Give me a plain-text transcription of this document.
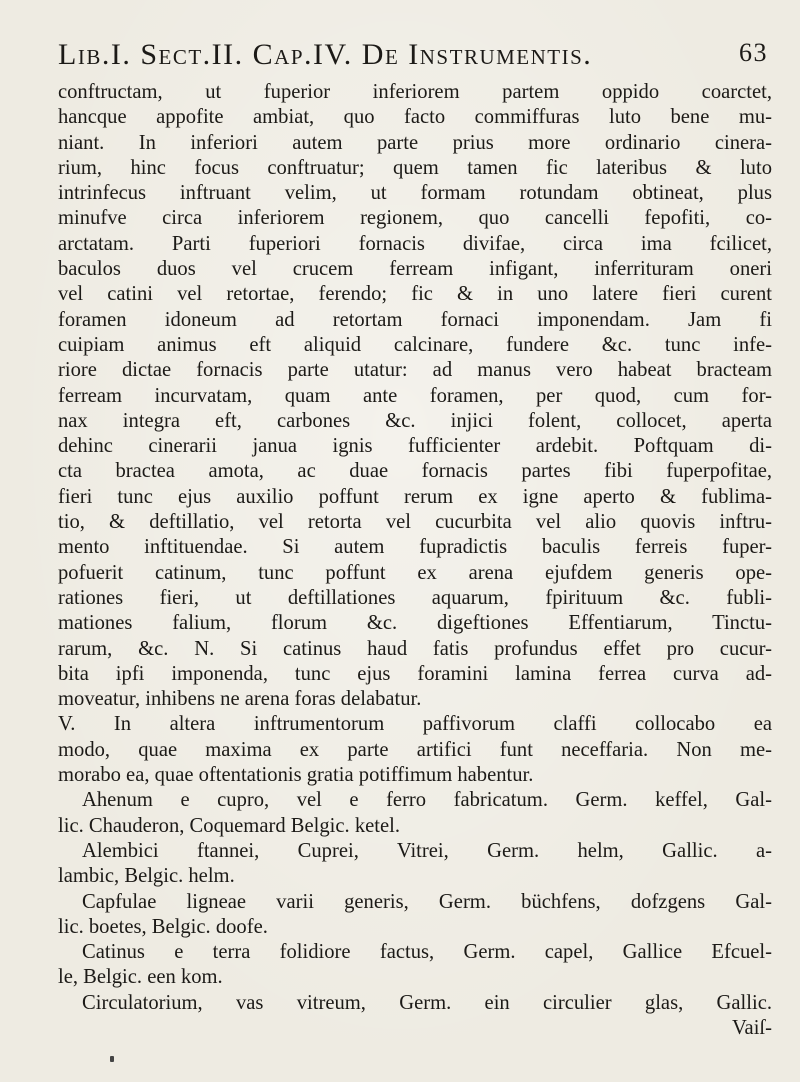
Lib.I. Sect.II. Cap.IV. De Instrumentis.	63
conftructam, ut fuperior inferiorem partem oppido coarctet,
hancque appofite ambiat, quo facto commiffuras luto bene mu-
niant. In inferiori autem parte prius more ordinario cinera-
rium, hinc focus conftruatur; quem tamen fic lateribus & luto
intrinfecus inftruant velim, ut formam rotundam obtineat, plus
minufve circa inferiorem regionem, quo cancelli fepofiti, co-
arctatam. Parti fuperiori fornacis divifae, circa ima fcilicet,
baculos duos vel crucem ferream infigant, inferrituram oneri
vel catini vel retortae, ferendo; fic & in uno latere fieri curent
foramen idoneum ad retortam fornaci imponendam. Jam fi
cuipiam animus eft aliquid calcinare, fundere &c. tunc infe-
riore dictae fornacis parte utatur: ad manus vero habeat bracteam
ferream incurvatam, quam ante foramen, per quod, cum for-
nax integra eft, carbones &c. injici folent, collocet, aperta
dehinc cinerarii janua ignis fufficienter ardebit. Poftquam di-
cta bractea amota, ac duae fornacis partes fibi fuperpofitae,
fieri tunc ejus auxilio poffunt rerum ex igne aperto & fublima-
tio, & deftillatio, vel retorta vel cucurbita vel alio quovis inftru-
mento inftituendae. Si autem fupradictis baculis ferreis fuper-
pofuerit catinum, tunc poffunt ex arena ejufdem generis ope-
rationes fieri, ut deftillationes aquarum, fpirituum &c. fubli-
mationes falium, florum &c. digeftiones Effentiarum, Tinctu-
rarum, &c. N. Si catinus haud fatis profundus effet pro cucur-
bita ipfi imponenda, tunc ejus foramini lamina ferrea curva ad-
moveatur, inhibens ne arena foras delabatur.
V. In altera inftrumentorum paffivorum claffi collocabo ea
modo, quae maxima ex parte artifici funt neceffaria. Non me-
morabo ea, quae oftentationis gratia potiffimum habentur.
Ahenum e cupro, vel e ferro fabricatum. Germ. keffel, Gal-
lic. Chauderon, Coquemard Belgic. ketel.
Alembici ftannei, Cuprei, Vitrei, Germ. helm, Gallic. a-
lambic, Belgic. helm.
Capfulae ligneae varii generis, Germ. büchfens, dofzgens Gal-
lic. boetes, Belgic. doofe.
Catinus e terra folidiore factus, Germ. capel, Gallice Efcuel-
le, Belgic. een kom.
Circulatorium, vas vitreum, Germ. ein circulier glas, Gallic.
Vaiſ-
